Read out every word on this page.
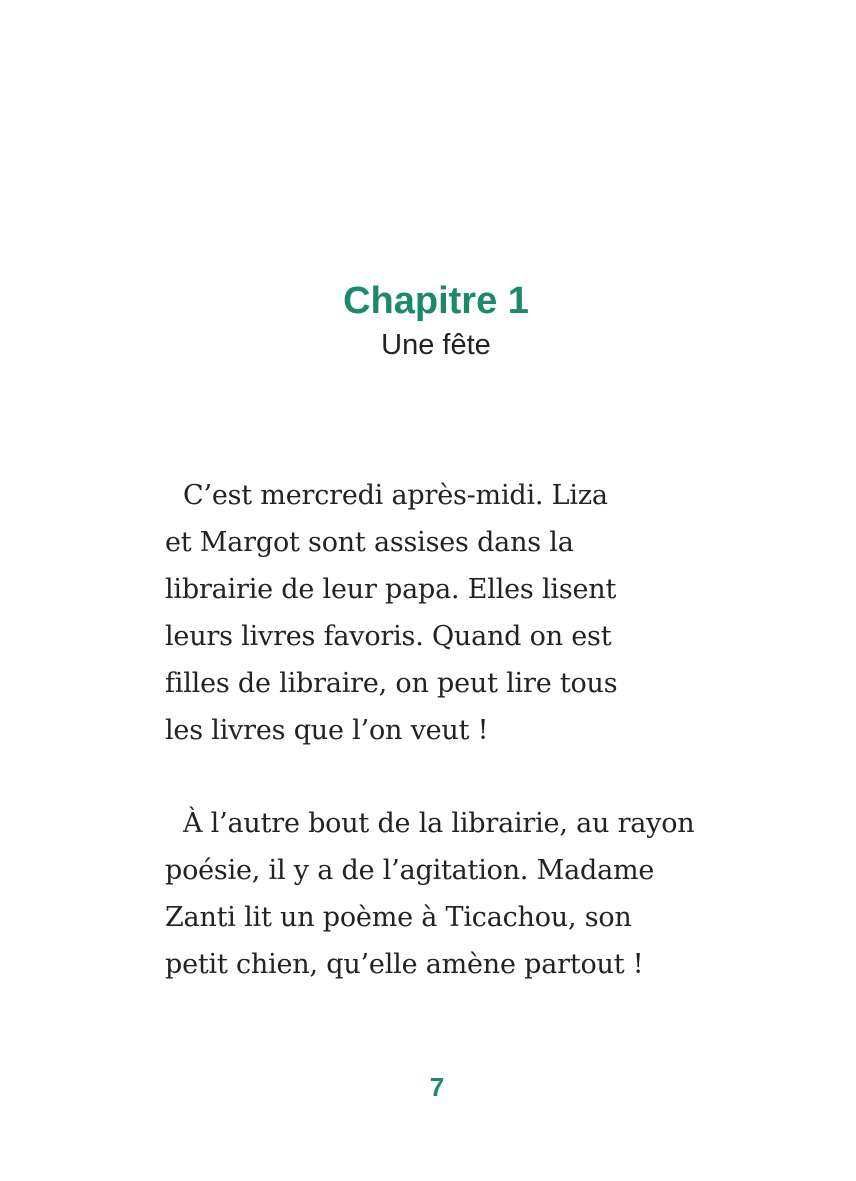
Chapitre 1
Une fête
C’est mercredi après-midi. Liza
et Margot sont assises dans la
librairie de leur papa. Elles lisent
leurs livres favoris. Quand on est
filles de libraire, on peut lire tous
les livres que l’on veut !
À l’autre bout de la librairie, au rayon
poésie, il y a de l’agitation. Madame
Zanti lit un poème à Ticachou, son
petit chien, qu’elle amène partout !
7
